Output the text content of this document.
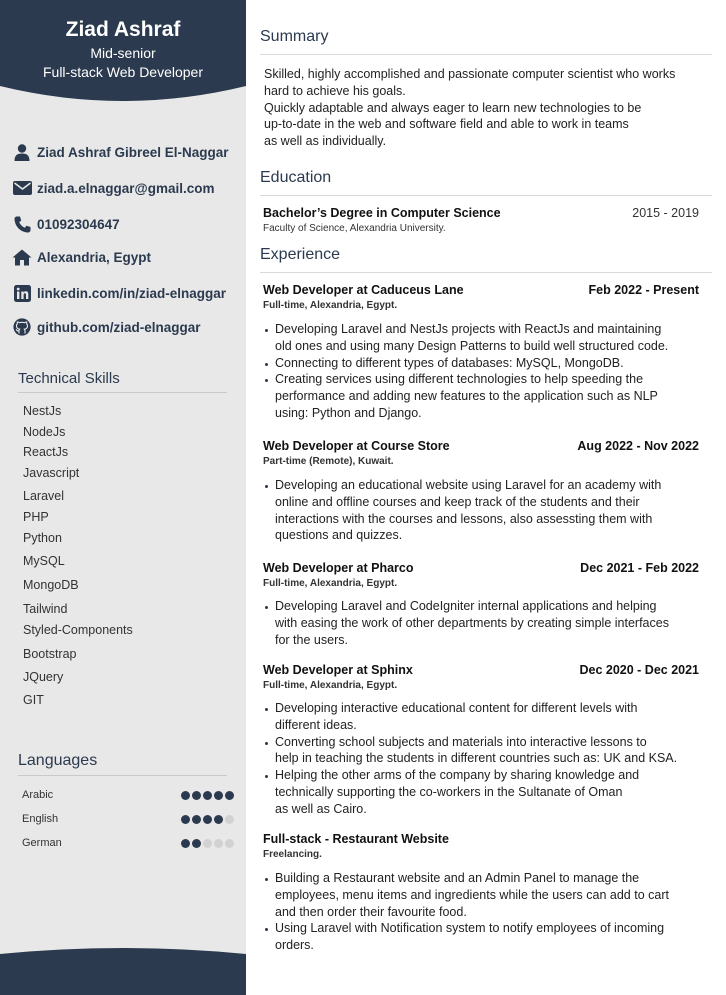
Ziad Ashraf
Mid-senior
Full-stack Web Developer
Ziad Ashraf Gibreel El-Naggar
ziad.a.elnaggar@gmail.com
01092304647
Alexandria, Egypt
linkedin.com/in/ziad-elnaggar
github.com/ziad-elnaggar
Technical Skills
NestJs
NodeJs
ReactJs
Javascript
Laravel
PHP
Python
MySQL
MongoDB
Tailwind
Styled-Components
Bootstrap
JQuery
GIT
Languages
Arabic
English
German
Summary
Skilled, highly accomplished and passionate computer scientist who works
hard to achieve his goals.
Quickly adaptable and always eager to learn new technologies to be
up-to-date in the web and software field and able to work in teams
as well as individually.
Education
Bachelor’s Degree in Computer Science	2015 - 2019
Faculty of Science, Alexandria University.
Experience
Web Developer at Caduceus Lane	Feb 2022 - Present
Full-time, Alexandria, Egypt.
Developing Laravel and NestJs projects with ReactJs and maintaining
old ones and using many Design Patterns to build well structured code.
Connecting to different types of databases: MySQL, MongoDB.
Creating services using different technologies to help speeding the
performance and adding new features to the application such as NLP
using: Python and Django.
Web Developer at Course Store	Aug 2022 - Nov 2022
Part-time (Remote), Kuwait.
Developing an educational website using Laravel for an academy with
online and offline courses and keep track of the students and their
interactions with the courses and lessons, also assessting them with
questions and quizzes.
Web Developer at Pharco	Dec 2021 - Feb 2022
Full-time, Alexandria, Egypt.
Developing Laravel and CodeIgniter internal applications and helping
with easing the work of other departments by creating simple interfaces
for the users.
Web Developer at Sphinx	Dec 2020 - Dec 2021
Full-time, Alexandria, Egypt.
Developing interactive educational content for different levels with
different ideas.
Converting school subjects and materials into interactive lessons to
help in teaching the students in different countries such as: UK and KSA.
Helping the other arms of the company by sharing knowledge and
technically supporting the co-workers in the Sultanate of Oman
as well as Cairo.
Full-stack - Restaurant Website
Freelancing.
Building a Restaurant website and an Admin Panel to manage the
employees, menu items and ingredients while the users can add to cart
and then order their favourite food.
Using Laravel with Notification system to notify employees of incoming
orders.
